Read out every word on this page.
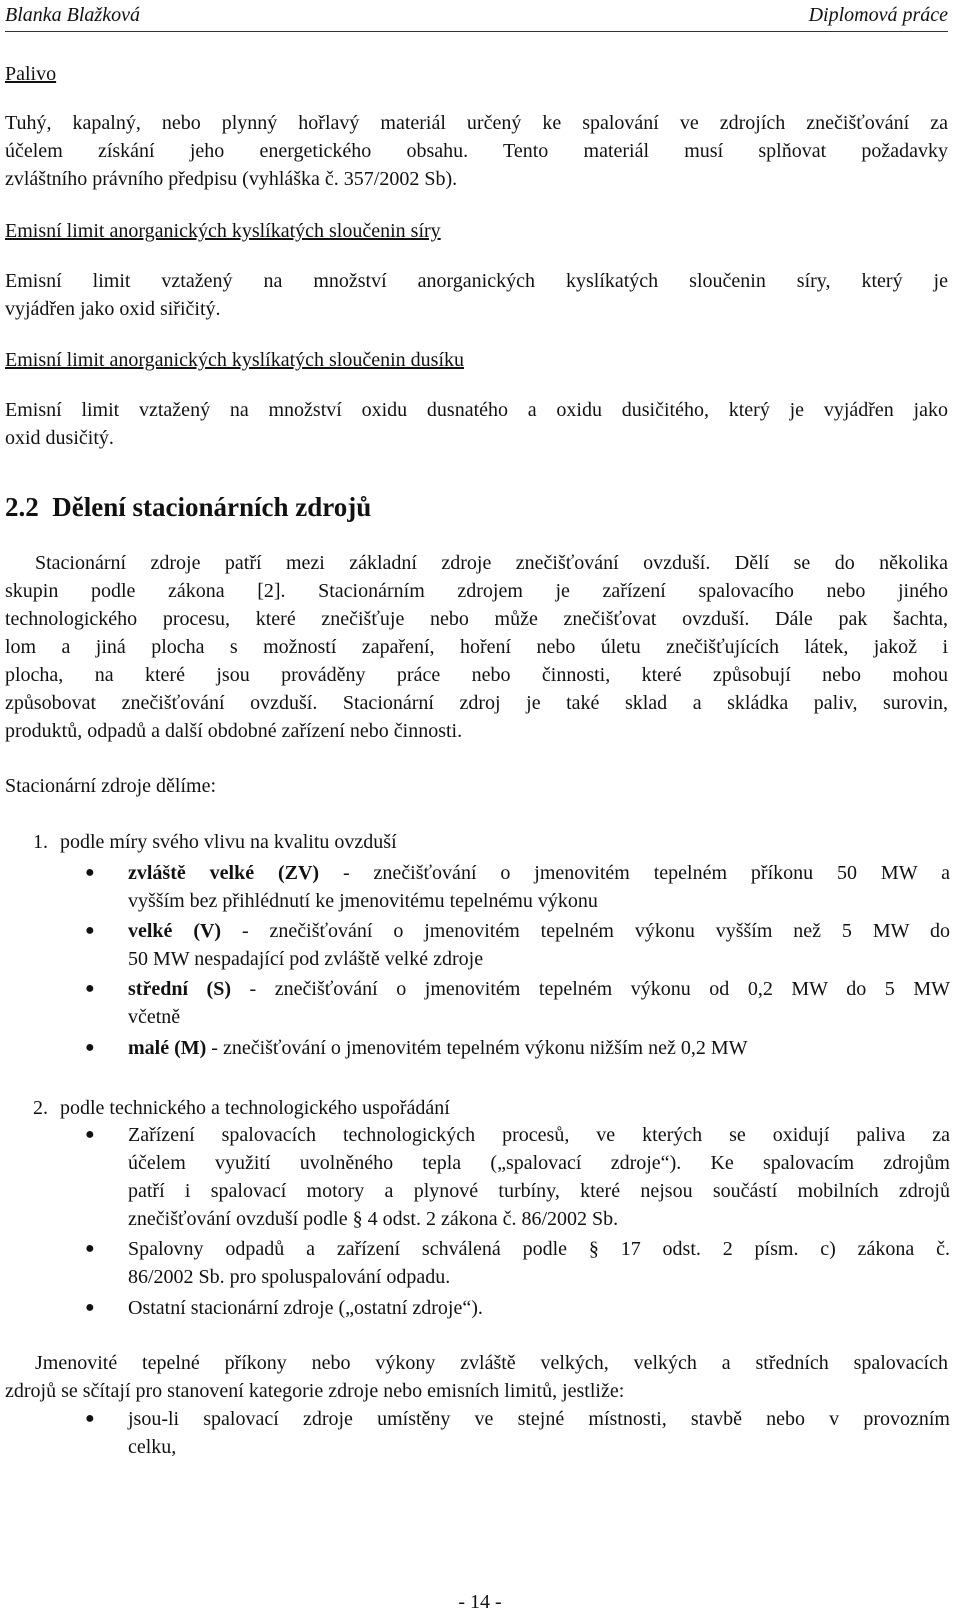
Blanka Blažková	Diplomová práce

Palivo

Tuhý, kapalný, nebo plynný hořlavý materiál určený ke spalování ve zdrojích znečišťování za

účelem získání jeho energetického obsahu. Tento materiál musí splňovat požadavky

zvláštního právního předpisu (vyhláška č. 357/2002 Sb).

Emisní limit anorganických kyslíkatých sloučenin síry

Emisní limit vztažený na množství anorganických kyslíkatých sloučenin síry, který je

vyjádřen jako oxid siřičitý.

Emisní limit anorganických kyslíkatých sloučenin dusíku

Emisní limit vztažený na množství oxidu dusnatého a oxidu dusičitého, který je vyjádřen jako

oxid dusičitý.

2.2 Dělení stacionárních zdrojů

Stacionární zdroje patří mezi základní zdroje znečišťování ovzduší. Dělí se do několika

skupin podle zákona [2]. Stacionárním zdrojem je zařízení spalovacího nebo jiného

technologického procesu, které znečišťuje nebo může znečišťovat ovzduší. Dále pak šachta,

lom a jiná plocha s možností zapaření, hoření nebo úletu znečišťujících látek, jakož i

plocha, na které jsou prováděny práce nebo činnosti, které způsobují nebo mohou

způsobovat znečišťování ovzduší. Stacionární zdroj je také sklad a skládka paliv, surovin,

produktů, odpadů a další obdobné zařízení nebo činnosti.

Stacionární zdroje dělíme:

1. podle míry svého vlivu na kvalitu ovzduší

● zvláště velké (ZV) - znečišťování o jmenovitém tepelném příkonu 50 MW a

vyšším bez přihlédnutí ke jmenovitému tepelnému výkonu

● velké (V) - znečišťování o jmenovitém tepelném výkonu vyšším než 5 MW do

50 MW nespadající pod zvláště velké zdroje

● střední (S) - znečišťování o jmenovitém tepelném výkonu od 0,2 MW do 5 MW

včetně

● malé (M) - znečišťování o jmenovitém tepelném výkonu nižším než 0,2 MW

2. podle technického a technologického uspořádání

● Zařízení spalovacích technologických procesů, ve kterých se oxidují paliva za

účelem využití uvolněného tepla („spalovací zdroje“). Ke spalovacím zdrojům

patří i spalovací motory a plynové turbíny, které nejsou součástí mobilních zdrojů

znečišťování ovzduší podle § 4 odst. 2 zákona č. 86/2002 Sb.

● Spalovny odpadů a zařízení schválená podle § 17 odst. 2 písm. c) zákona č.

86/2002 Sb. pro spoluspalování odpadu.

● Ostatní stacionární zdroje („ostatní zdroje“).

Jmenovité tepelné příkony nebo výkony zvláště velkých, velkých a středních spalovacích

zdrojů se sčítají pro stanovení kategorie zdroje nebo emisních limitů, jestliže:

● jsou-li spalovací zdroje umístěny ve stejné místnosti, stavbě nebo v provozním

celku,

- 14 -
